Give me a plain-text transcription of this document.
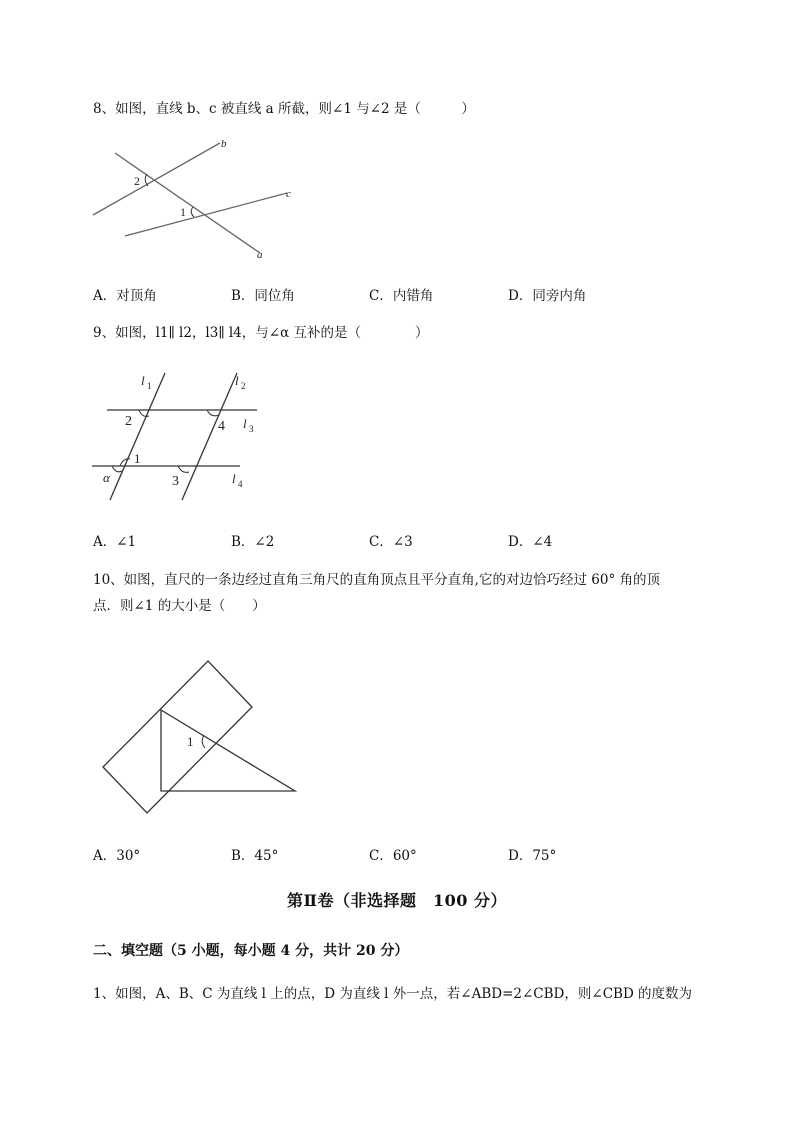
8、如图，直线 b、c 被直线 a 所截，则∠1 与∠2 是（　　　）
b
c
a
2
1
A．对顶角	B．同位角	C．内错角	D．同旁内角
9、如图，l1∥ l2，l3∥ l4，与∠α 互补的是（　　　　）
l 1	l 2
l 3
l 4
2	4
1
3
α
A．∠1	B．∠2	C．∠3	D．∠4
10、如图，直尺的一条边经过直角三角尺的直角顶点且平分直角,它的对边恰巧经过 60° 角的顶
点．则∠1 的大小是（　　）
1
A．30°	B．45°	C．60°	D．75°
第Ⅱ卷（非选择题　100 分）
二、填空题（5 小题，每小题 4 分，共计 20 分）
1、如图，A、B、C 为直线 l 上的点，D 为直线 l 外一点，若∠ABD=2∠CBD，则∠CBD 的度数为
